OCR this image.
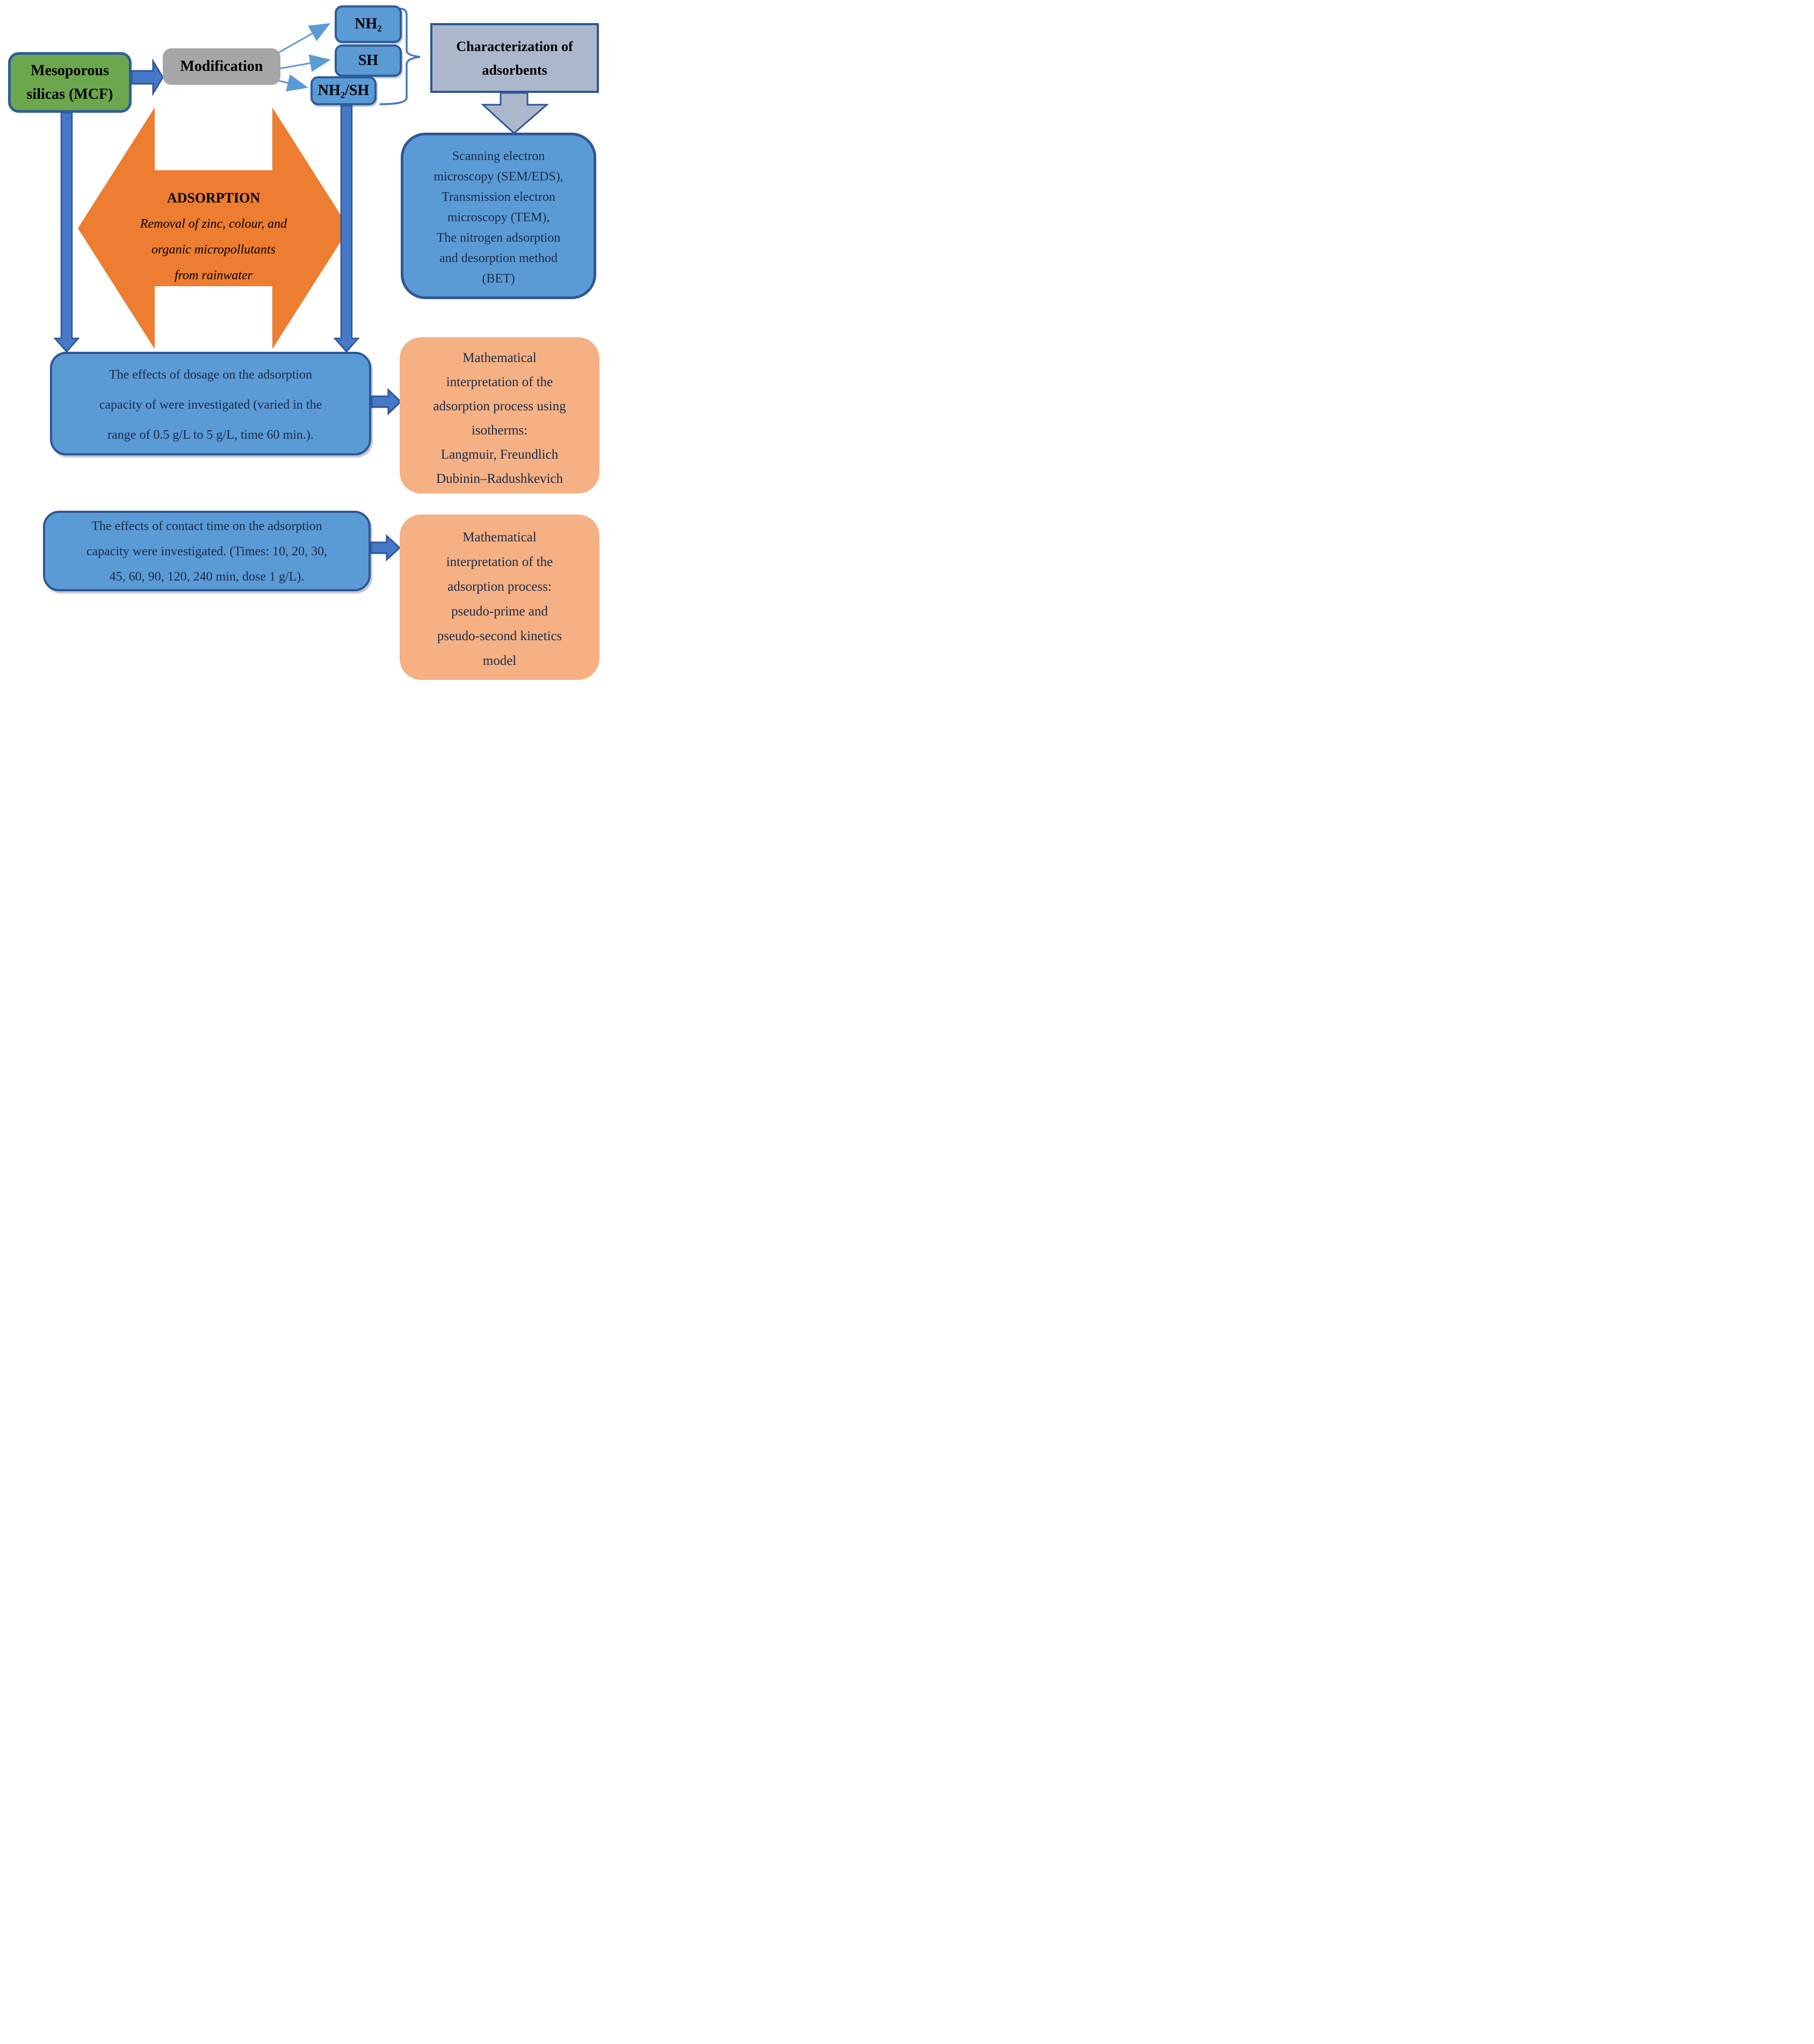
Mesoporous
silicas (MCF)
Modification
NH₂
SH
NH₂/SH
Characterization of
adsorbents
Scanning electron
microscopy (SEM/EDS),
Transmission electron
microscopy (TEM),
The nitrogen adsorption
and desorption method
(BET)
ADSORPTION
Removal of zinc, colour, and
organic micropollutants
from rainwater
The effects of dosage on the adsorption
capacity of were investigated (varied in the
range of 0.5 g/L to 5 g/L, time 60 min.).
Mathematical
interpretation of the
adsorption process using
isotherms:
Langmuir, Freundlich
Dubinin–Radushkevich
The effects of contact time on the adsorption
capacity were investigated. (Times: 10, 20, 30,
45, 60, 90, 120, 240 min, dose 1 g/L).
Mathematical
interpretation of the
adsorption process:
pseudo-prime and
pseudo-second kinetics
model
